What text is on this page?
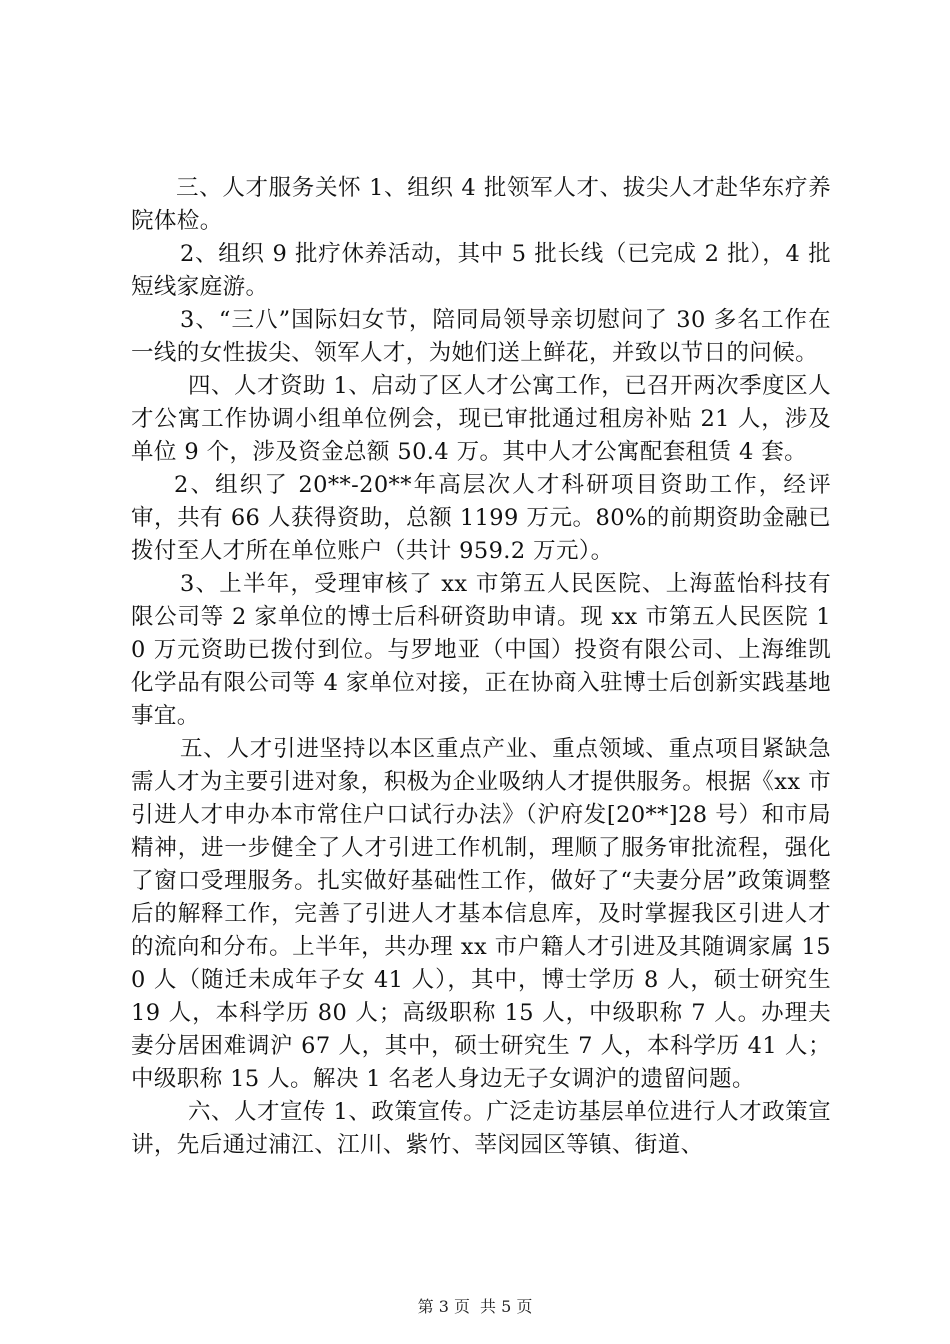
三、人才服务关怀 1、组织 4 批领军人才、拔尖人才赴华东疗养院体检。

2、组织 9 批疗休养活动，其中 5 批长线（已完成 2 批），4 批短线家庭游。

3、“三八”国际妇女节，陪同局领导亲切慰问了 30 多名工作在一线的女性拔尖、领军人才，为她们送上鲜花，并致以节日的问候。

四、人才资助 1、启动了区人才公寓工作，已召开两次季度区人才公寓工作协调小组单位例会，现已审批通过租房补贴 21 人，涉及单位 9 个，涉及资金总额 50.4 万。其中人才公寓配套租赁 4 套。

2、组织了 20**-20**年高层次人才科研项目资助工作，经评审，共有 66 人获得资助，总额 1199 万元。80%的前期资助金融已拨付至人才所在单位账户（共计 959.2 万元）。

3、上半年，受理审核了 xx 市第五人民医院、上海蓝怡科技有限公司等 2 家单位的博士后科研资助申请。现 xx 市第五人民医院 10 万元资助已拨付到位。与罗地亚（中国）投资有限公司、上海维凯化学品有限公司等 4 家单位对接，正在协商入驻博士后创新实践基地事宜。

五、人才引进坚持以本区重点产业、重点领域、重点项目紧缺急需人才为主要引进对象，积极为企业吸纳人才提供服务。根据《xx 市引进人才申办本市常住户口试行办法》（沪府发[20**]28 号）和市局精神，进一步健全了人才引进工作机制，理顺了服务审批流程，强化了窗口受理服务。扎实做好基础性工作，做好了“夫妻分居”政策调整后的解释工作，完善了引进人才基本信息库，及时掌握我区引进人才的流向和分布。上半年，共办理 xx 市户籍人才引进及其随调家属 150 人（随迁未成年子女 41 人），其中，博士学历 8 人，硕士研究生 19 人，本科学历 80 人；高级职称 15 人，中级职称 7 人。办理夫妻分居困难调沪 67 人，其中，硕士研究生 7 人，本科学历 41 人；中级职称 15 人。解决 1 名老人身边无子女调沪的遗留问题。

六、人才宣传 1、政策宣传。广泛走访基层单位进行人才政策宣讲，先后通过浦江、江川、紫竹、莘闵园区等镇、街道、

第 3 页 共 5 页
